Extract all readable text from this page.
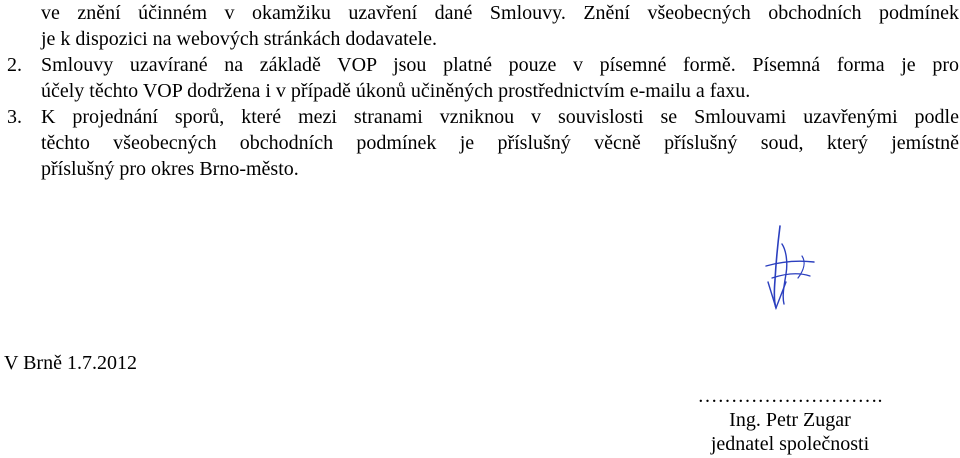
ve znění účinném v okamžiku uzavření dané Smlouvy. Znění všeobecných obchodních podmínek
je k dispozici na webových stránkách dodavatele.
2. Smlouvy uzavírané na základě VOP jsou platné pouze v písemné formě. Písemná forma je pro
účely těchto VOP dodržena i v případě úkonů učiněných prostřednictvím e-mailu a faxu.
3. K projednání sporů, které mezi stranami vzniknou v souvislosti se Smlouvami uzavřenými podle
těchto všeobecných obchodních podmínek je příslušný věcně příslušný soud, který jemístně
příslušný pro okres Brno-město.
V Brně 1.7.2012
……………………….
Ing. Petr Zugar
jednatel společnosti
